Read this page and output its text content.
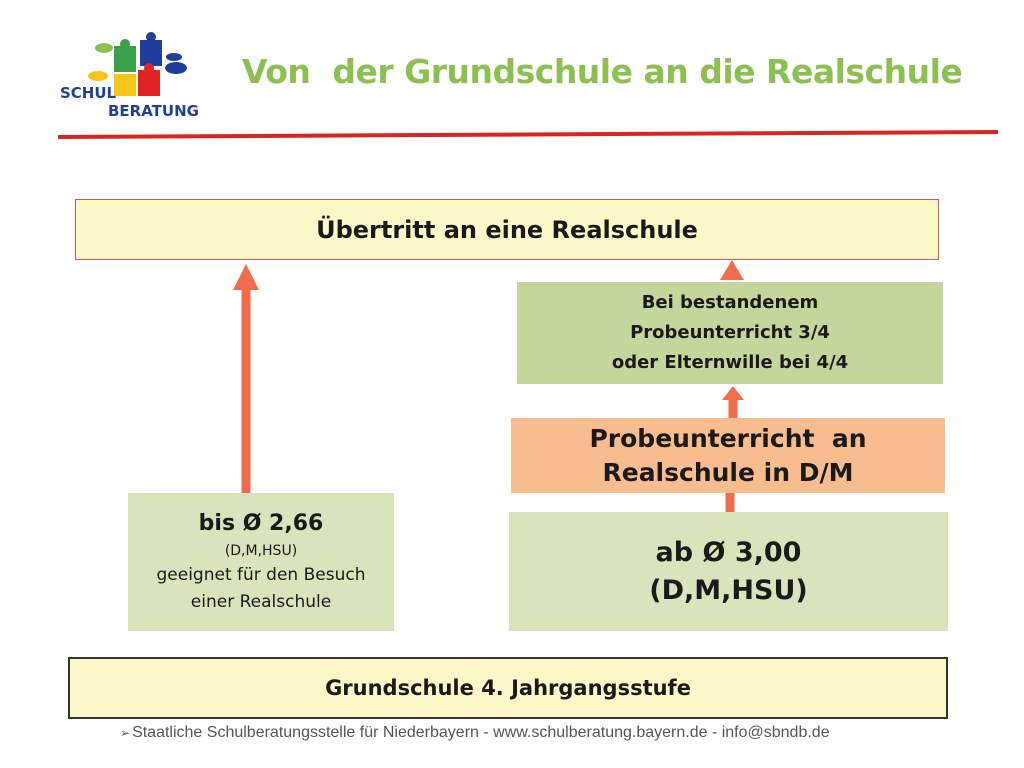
SCHUL
BERATUNG
Von  der Grundschule an die Realschule
Übertritt an eine Realschule
Bei bestandenem
Probeunterricht 3/4
oder Elternwille bei 4/4
Probeunterricht  an
Realschule in D/M
bis Ø 2,66
(D,M,HSU)
geeignet für den Besuch
einer Realschule
ab Ø 3,00
(D,M,HSU)
Grundschule 4. Jahrgangsstufe
➢ Staatliche Schulberatungsstelle für Niederbayern - www.schulberatung.bayern.de - info@sbndb.de
